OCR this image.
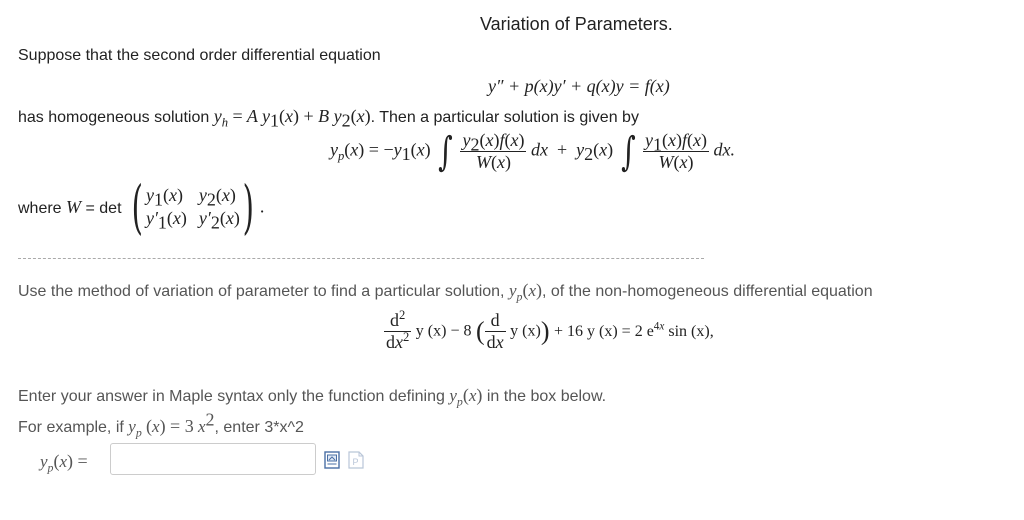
Variation of Parameters.
Suppose that the second order differential equation
y″ + p(x)y′ + q(x)y = f(x)
has homogeneous solution $y_h = A$ $y_1(x) + B$ $y_2(x)$. Then a particular solution is given by
$y_p(x) = -y_1(x)$ ∫ $\frac{y_2(x)f(x)}{W(x)}$ dx  +  $y_2(x)$ ∫ $\frac{y_1(x)f(x)}{W(x)}$ dx.
where W = det ( $y_1(x)$	$y_2(x)$
$y'_1(x)$	$y'_2(x)$ ) .
Use the method of variation of parameter to find a particular solution, $y_p(x)$, of the non-homogeneous differential equation
$\frac{d^2}{dx^2}$ y (x) − 8 ( $\frac{d}{dx}$ y (x)) + 16 y (x) = 2 $e^{4x}$ sin (x),
Enter your answer in Maple syntax only the function defining $y_p(x)$ in the box below.
For example, if $y_p$ (x) = 3 $x^2$, enter 3*x^2
$y_p(x)$ =	P
